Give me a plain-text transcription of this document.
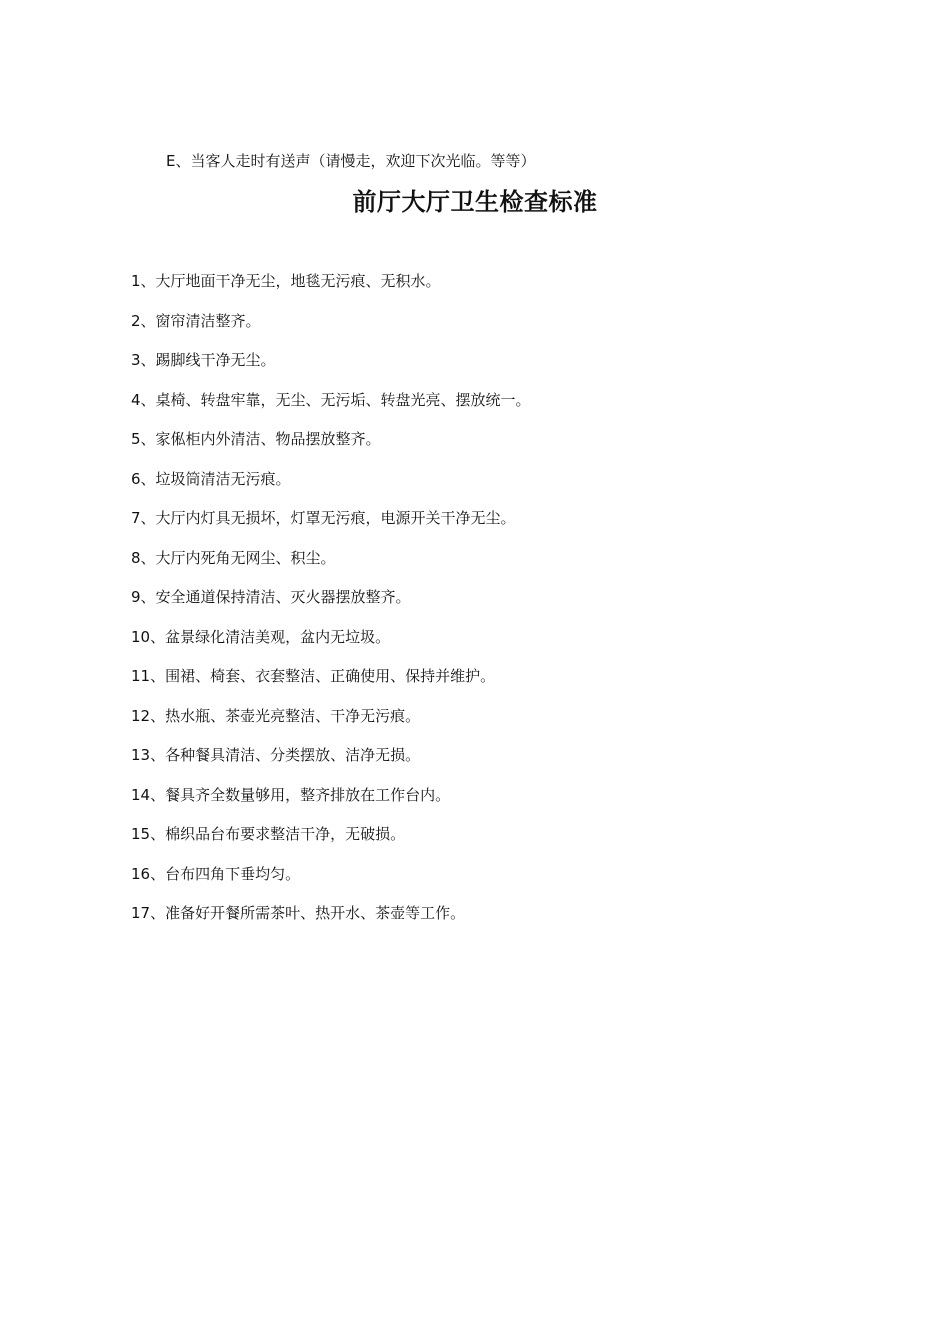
E、当客人走时有送声（请慢走，欢迎下次光临。等等）
前厅大厅卫生检查标准
1、大厅地面干净无尘，地毯无污痕、无积水。
2、窗帘清洁整齐。
3、踢脚线干净无尘。
4、桌椅、转盘牢靠，无尘、无污垢、转盘光亮、摆放统一。
5、家俬柜内外清洁、物品摆放整齐。
6、垃圾筒清洁无污痕。
7、大厅内灯具无损坏，灯罩无污痕，电源开关干净无尘。
8、大厅内死角无网尘、积尘。
9、安全通道保持清洁、灭火器摆放整齐。
10、盆景绿化清洁美观，盆内无垃圾。
11、围裙、椅套、衣套整洁、正确使用、保持并维护。
12、热水瓶、茶壶光亮整洁、干净无污痕。
13、各种餐具清洁、分类摆放、洁净无损。
14、餐具齐全数量够用，整齐排放在工作台内。
15、棉织品台布要求整洁干净，无破损。
16、台布四角下垂均匀。
17、准备好开餐所需茶叶、热开水、茶壶等工作。
